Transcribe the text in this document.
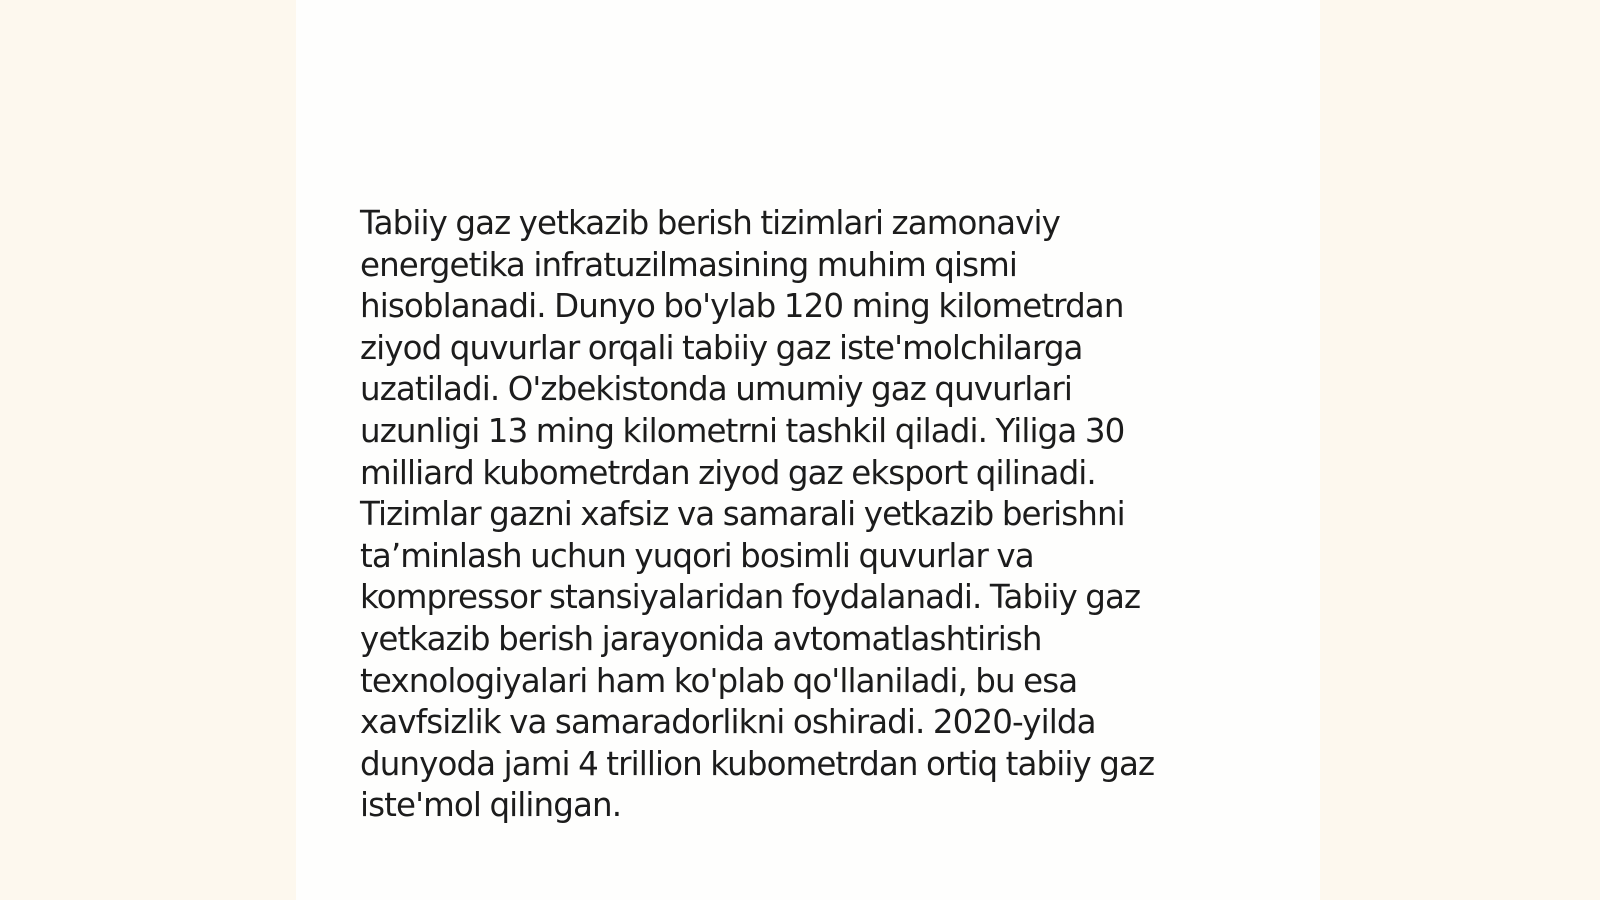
Tabiiy gaz yetkazib berish tizimlari zamonaviy
energetika infratuzilmasining muhim qismi
hisoblanadi. Dunyo bo'ylab 120 ming kilometrdan
ziyod quvurlar orqali tabiiy gaz iste'molchilarga
uzatiladi. O'zbekistonda umumiy gaz quvurlari
uzunligi 13 ming kilometrni tashkil qiladi. Yiliga 30
milliard kubometrdan ziyod gaz eksport qilinadi.
Tizimlar gazni xafsiz va samarali yetkazib berishni
ta’minlash uchun yuqori bosimli quvurlar va
kompressor stansiyalaridan foydalanadi. Tabiiy gaz
yetkazib berish jarayonida avtomatlashtirish
texnologiyalari ham ko'plab qo'llaniladi, bu esa
xavfsizlik va samaradorlikni oshiradi. 2020-yilda
dunyoda jami 4 trillion kubometrdan ortiq tabiiy gaz
iste'mol qilingan.
